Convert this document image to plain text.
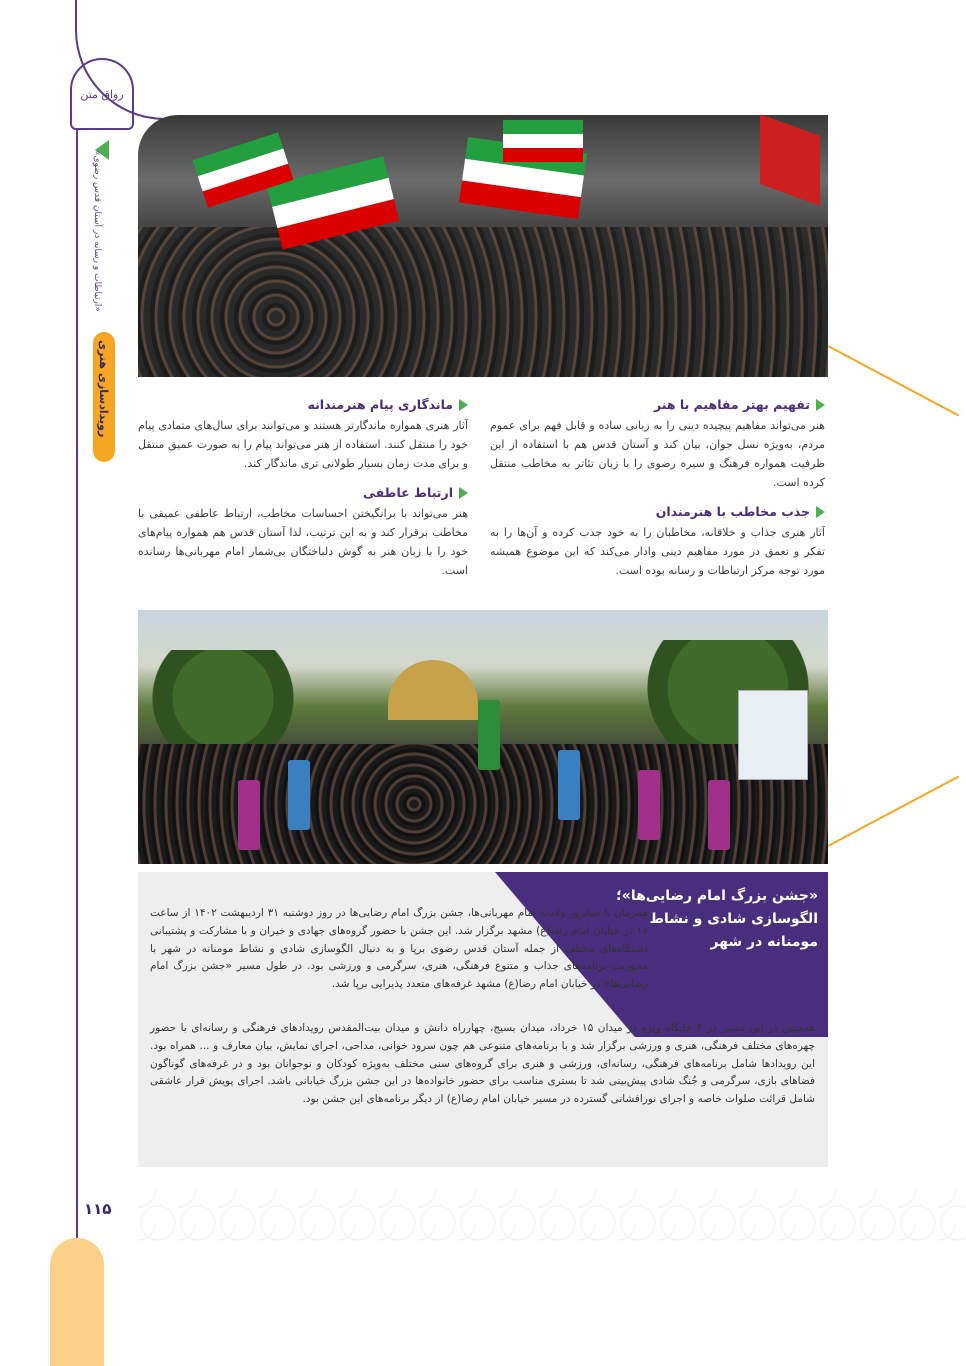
رواق متن
«ارتباطات و رسانه در آستان قدس رضوی»
رویدادسازی هنری
۱۱۵
تفهیم بهتر مفاهیم با هنر

هنر می‌تواند مفاهیم پیچیده دینی را به زبانی ساده و قابل فهم برای عموم مردم، به‌ویژه نسل جوان، بیان کند و آستان قدس هم با استفاده از این ظرفیت همواره فرهنگ و سیره رضوی را با زبان تئاتر به مخاطب منتقل کرده است.

جذب مخاطب با هنرمندان

آثار هنری جذاب و خلاقانه، مخاطبان را به خود جذب کرده و آن‌ها را به تفکر و تعمق در مورد مفاهیم دینی وادار می‌کند که این موضوع همیشه مورد توجه مرکز ارتباطات و رسانه بوده است.

ماندگاری پیام هنرمندانه

آثار هنری همواره ماندگارتر هستند و می‌توانند برای سال‌های متمادی پیام خود را منتقل کنند. استفاده از هنر می‌تواند پیام را به صورت عمیق منتقل و برای مدت زمان بسیار طولانی تری ماندگار کند.

ارتباط عاطفی

هنر می‌تواند با برانگیختن احساسات مخاطب، ارتباط عاطفی عمیقی با مخاطب برقرار کند و به این ترتیب، لذا آستان قدس هم همواره پیام‌های خود را با زبان هنر به گوش دلباختگان بی‌شمار امام مهربانی‌ها رسانده است.

«جشن بزرگ امام رضایی‌ها»؛ الگوسازی شادی و نشاط مومنانه در شهر

همزمان با سالروز ولادت امام مهربانی‌ها، جشن بزرگ امام رضایی‌ها در روز دوشنبه ۳۱ اردیبهشت ۱۴۰۲ از ساعت ۱۶ در خیابان امام رضا(ع) مشهد برگزار شد. این جشن با حضور گروه‌های جهادی و خیران و با مشارکت و پشتیبانی دستگاه‌های مختلف از جمله آستان قدس رضوی برپا و به دنبال الگوسازی شادی و نشاط مومنانه در شهر با محوریت برنامه‌های جذاب و متنوع فرهنگی، هنری، سرگرمی و ورزشی بود. در طول مسیر «جشن بزرگ امام رضایی‌ها» در خیابان امام رضا(ع) مشهد غرفه‌های متعدد پذیرایی برپا شد.

همچنین در این مسیر در ۴ جایگاه ویژه در میدان ۱۵ خرداد، میدان بسیج، چهارراه دانش و میدان بیت‌المقدس رویدادهای فرهنگی و رسانه‌ای با حضور چهره‌های مختلف فرهنگی، هنری و ورزشی برگزار شد و با برنامه‌های متنوعی هم چون سرود خوانی، مداحی، اجرای نمایش، بیان معارف و ... همراه بود. این رویدادها شامل برنامه‌های فرهنگی، رسانه‌ای، ورزشی و هنری برای گروه‌های سنی مختلف به‌ویژه کودکان و نوجوانان بود و در غرفه‌های گوناگون فضاهای بازی، سرگرمی و جُنگ شادی پیش‌بینی شد تا بستری مناسب برای حضور خانواده‌ها در این جشن بزرگ خیابانی باشد. اجرای پویش قرار عاشقی شامل قرائت صلوات خاصه و اجرای نورافشانی گسترده در مسیر خیابان امام رضا(ع) از دیگر برنامه‌های این جشن بود.
